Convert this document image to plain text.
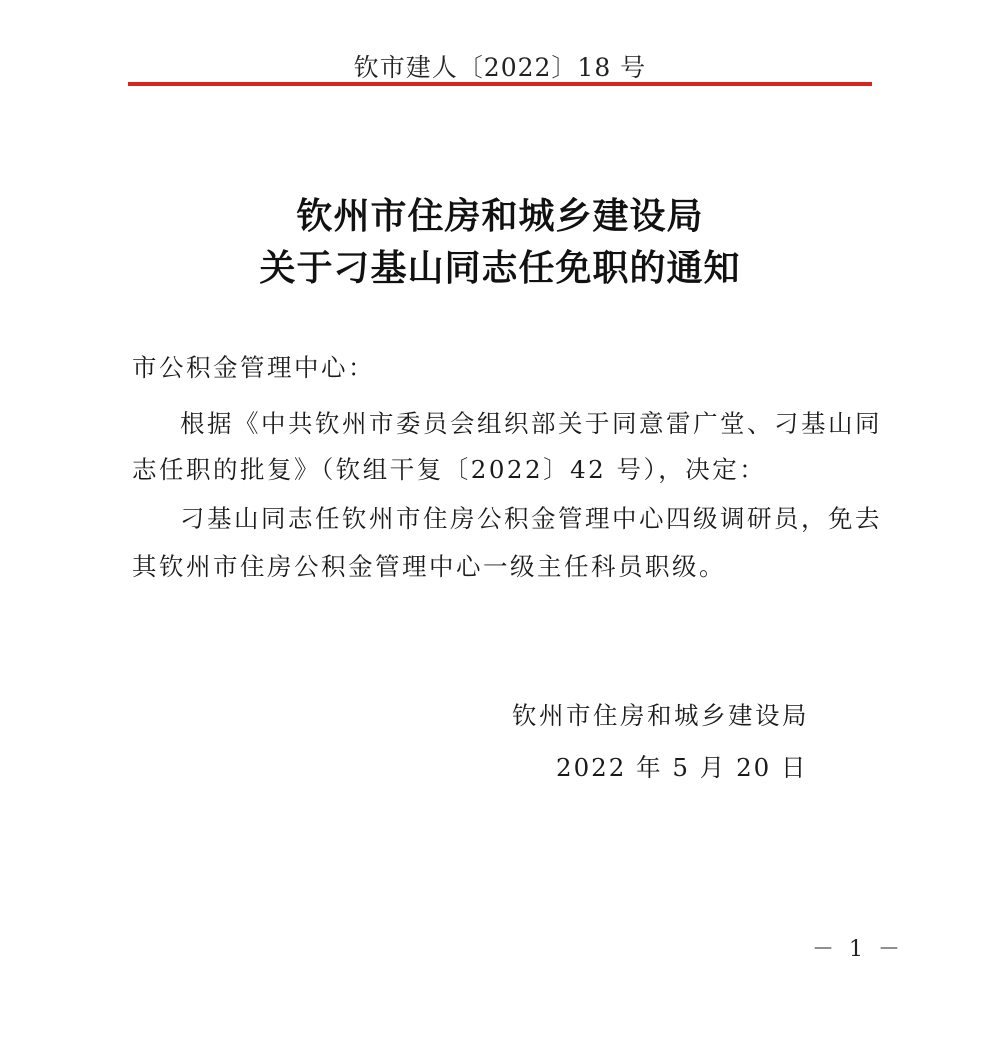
钦市建人〔2022〕18 号
钦州市住房和城乡建设局
关于刁基山同志任免职的通知
市公积金管理中心：
根据《中共钦州市委员会组织部关于同意雷广堂、刁基山同
志任职的批复》（钦组干复〔2022〕42 号），决定：
刁基山同志任钦州市住房公积金管理中心四级调研员，免去
其钦州市住房公积金管理中心一级主任科员职级。
钦州市住房和城乡建设局
2022 年 5 月 20 日
－ 1 －
